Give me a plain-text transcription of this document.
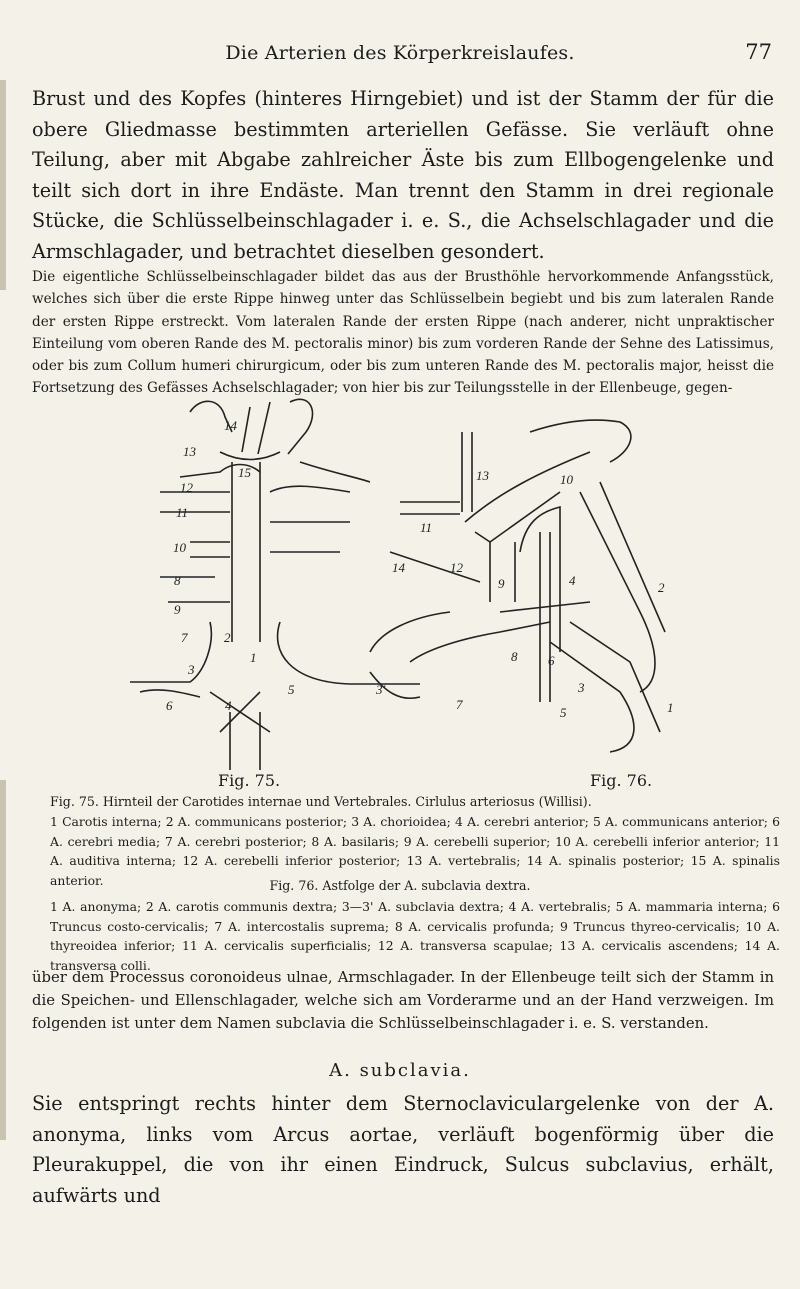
Die Arterien des Körperkreislaufes.	77

Brust und des Kopfes (hinteres Hirngebiet) und ist der Stamm der für die obere Gliedmasse bestimmten arteriellen Gefässe. Sie verläuft ohne Teilung, aber mit Abgabe zahlreicher Äste bis zum Ellbogengelenke und teilt sich dort in ihre Endäste. Man trennt den Stamm in drei regionale Stücke, die Schlüsselbeinschlagader i. e. S., die Achselschlagader und die Armschlagader, und betrachtet dieselben gesondert.

Die eigentliche Schlüsselbeinschlagader bildet das aus der Brusthöhle hervorkommende Anfangsstück, welches sich über die erste Rippe hinweg unter das Schlüsselbein begiebt und bis zum lateralen Rande der ersten Rippe erstreckt. Vom lateralen Rande der ersten Rippe (nach anderer, nicht unpraktischer Einteilung vom oberen Rande des M. pectoralis minor) bis zum vorderen Rande der Sehne des Latissimus, oder bis zum Collum humeri chirurgicum, oder bis zum unteren Rande des M. pectoralis major, heisst die Fortsetzung des Gefässes Achselschlagader; von hier bis zur Teilungsstelle in der Ellenbeuge, gegen-

13
14
15
12
11
10
8
9
7	2
1
3
6	4
5
13
11
10
14	12
9	4	2
8 6
3
5
3'
7	1
Fig. 75.	Fig. 76.
Fig. 75. Hirnteil der Carotides internae und Vertebrales. Cirlulus arteriosus (Willisi).
1 Carotis interna; 2 A. communicans posterior; 3 A. chorioidea; 4 A. cerebri anterior; 5 A. communicans anterior; 6 A. cerebri media; 7 A. cerebri posterior; 8 A. basilaris; 9 A. cerebelli superior; 10 A. cerebelli inferior anterior; 11 A. auditiva interna; 12 A. cerebelli inferior posterior; 13 A. vertebralis; 14 A. spinalis posterior; 15 A. spinalis anterior.	Fig. 76. Astfolge der A. subclavia dextra.
1 A. anonyma; 2 A. carotis communis dextra; 3—3' A. subclavia dextra; 4 A. vertebralis; 5 A. mammaria interna; 6 Truncus costo-cervicalis; 7 A. intercostalis suprema; 8 A. cervicalis profunda; 9 Truncus thyreo-cervicalis; 10 A. thyreoidea inferior; 11 A. cervicalis superficialis; 12 A. transversa scapulae; 13 A. cervicalis ascendens; 14 A. transversa colli.

über dem Processus coronoideus ulnae, Armschlagader. In der Ellenbeuge teilt sich der Stamm in die Speichen- und Ellenschlagader, welche sich am Vorderarme und an der Hand verzweigen. Im folgenden ist unter dem Namen subclavia die Schlüsselbeinschlagader i. e. S. verstanden.

A. subclavia.

Sie entspringt rechts hinter dem Sternoclaviculargelenke von der A. anonyma, links vom Arcus aortae, verläuft bogenförmig über die Pleurakuppel, die von ihr einen Eindruck, Sulcus subclavius, erhält, aufwärts und
